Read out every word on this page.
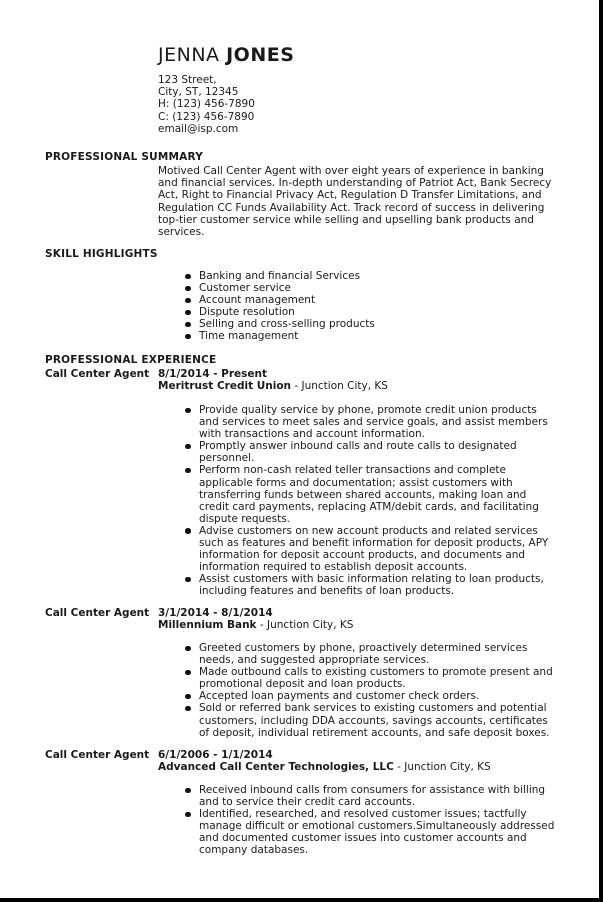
JENNA JONES
123 Street,
City, ST, 12345
H: (123) 456-7890
C: (123) 456-7890
email@isp.com
PROFESSIONAL SUMMARY
Motived Call Center Agent with over eight years of experience in banking
and financial services. In-depth understanding of Patriot Act, Bank Secrecy
Act, Right to Financial Privacy Act, Regulation D Transfer Limitations, and
Regulation CC Funds Availability Act. Track record of success in delivering
top-tier customer service while selling and upselling bank products and
services.
SKILL HIGHLIGHTS
Banking and financial Services
Customer service
Account management
Dispute resolution
Selling and cross-selling products
Time management
PROFESSIONAL EXPERIENCE
Call Center Agent 8/1/2014 - Present
Meritrust Credit Union - Junction City, KS
Provide quality service by phone, promote credit union products
and services to meet sales and service goals, and assist members
with transactions and account information.
Promptly answer inbound calls and route calls to designated
personnel.
Perform non-cash related teller transactions and complete
applicable forms and documentation; assist customers with
transferring funds between shared accounts, making loan and
credit card payments, replacing ATM/debit cards, and facilitating
dispute requests.
Advise customers on new account products and related services
such as features and benefit information for deposit products, APY
information for deposit account products, and documents and
information required to establish deposit accounts.
Assist customers with basic information relating to loan products,
including features and benefits of loan products.
Call Center Agent 3/1/2014 - 8/1/2014
Millennium Bank - Junction City, KS
Greeted customers by phone, proactively determined services
needs, and suggested appropriate services.
Made outbound calls to existing customers to promote present and
promotional deposit and loan products.
Accepted loan payments and customer check orders.
Sold or referred bank services to existing customers and potential
customers, including DDA accounts, savings accounts, certificates
of deposit, individual retirement accounts, and safe deposit boxes.
Call Center Agent 6/1/2006 - 1/1/2014
Advanced Call Center Technologies, LLC - Junction City, KS
Received inbound calls from consumers for assistance with billing
and to service their credit card accounts.
Identified, researched, and resolved customer issues; tactfully
manage difficult or emotional customers.Simultaneously addressed
and documented customer issues into customer accounts and
company databases.
